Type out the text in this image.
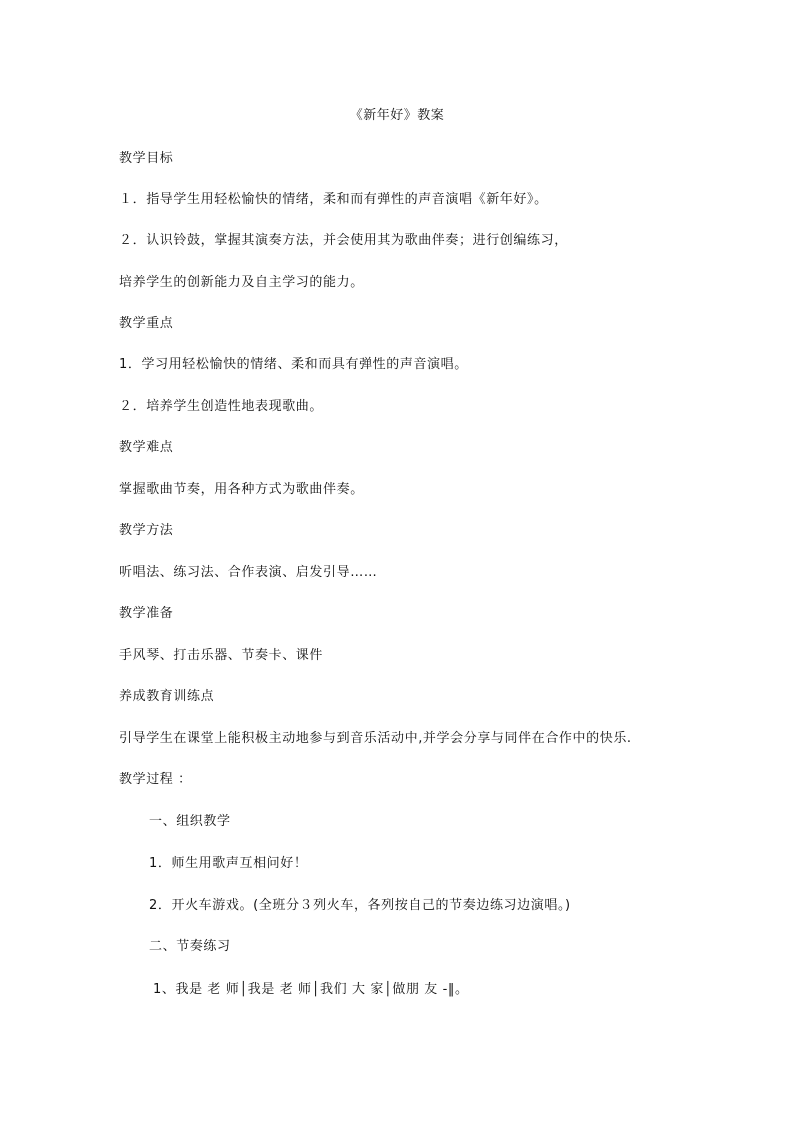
《新年好》教案
教学目标
１．指导学生用轻松愉快的情绪，柔和而有弹性的声音演唱《新年好》。
２．认识铃鼓，掌握其演奏方法，并会使用其为歌曲伴奏；进行创编练习，
培养学生的创新能力及自主学习的能力。
教学重点
1．学习用轻松愉快的情绪、柔和而具有弹性的声音演唱。
２．培养学生创造性地表现歌曲。
教学难点
掌握歌曲节奏，用各种方式为歌曲伴奏。
教学方法
听唱法、练习法、合作表演、启发引导……
教学准备
手风琴、打击乐器、节奏卡、课件
养成教育训练点
引导学生在课堂上能积极主动地参与到音乐活动中,并学会分享与同伴在合作中的快乐.
教学过程 ：
一、组织教学
1．师生用歌声互相问好！
2．开火车游戏。(全班分３列火车，各列按自己的节奏边练习边演唱。)
二、节奏练习
1、我是 老 师│我是 老 师│我们 大 家│做朋 友 -‖。
